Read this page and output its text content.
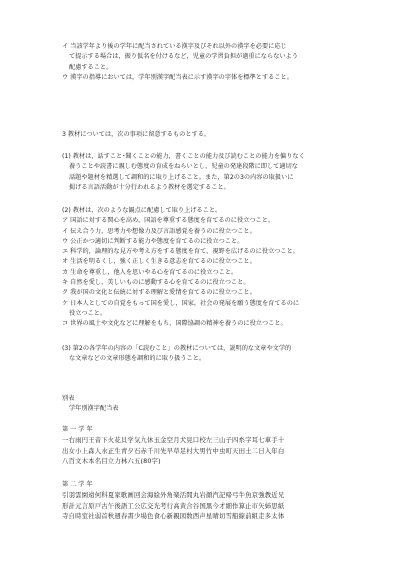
イ 当該学年より後の学年に配当されている漢字及びそれ以外の漢字を必要に応じ
て提示する場合は，振り仮名を付けるなど，児童の学習負担が過重にならないよう
配慮すること。
ウ 漢字の指導においては，学年別漢字配当表に示す漢字の字体を標準とすること。
3 教材については，次の事項に留意するものとする。
(1) 教材は，話すこと･聞くことの能力，書くことの能力及び読むことの能力を偏りなく
養うことや読書に親しむ態度の育成をねらいとし，児童の発達段階に即して適切な
話題や題材を精選して調和的に取り上げること。また，第2の3の内容の取扱いに
掲げる言語活動が十分行われるよう教材を選定すること。
(2) 教材は，次のような観点に配慮して取り上げること。
ア 国語に対する関心を高め，国語を尊重する態度を育てるのに役立つこと。
イ 伝え合う力，思考力や想像力及び言語感覚を養うのに役立つこと。
ウ 公正かつ適切に判断する能力や態度を育てるのに役立つこと。
エ 科学的，論理的な見方や考え方をする態度を育て，視野を広げるのに役立つこと。
オ 生活を明るくし，強く正しく生きる意志を育てるのに役立つこと。
カ 生命を尊重し，他人を思いやる心を育てるのに役立つこと。
キ 自然を愛し，美しいものに感動する心を育てるのに役立つこと。
ク 我が国の文化と伝統に対する理解と愛情を育てるのに役立つこと。
ケ 日本人としての自覚をもって国を愛し，国家，社会の発展を願う態度を育てるのに
役立つこと。
コ 世界の風土や文化などに理解をもち，国際協調の精神を養うのに役立つこと。
(3) 第2の各学年の内容の「C読むこと」の教材については，説明的な文章や文学的
な文章などの文章形態を調和的に取り扱うこと。
別表
学年別漢字配当表
第 一 学 年
一右雨円王音下火花貝学気九休玉金空月犬見口校左三山子四糸字耳七車手十
出女小上森人水正生青夕石赤千川先早草足村大男竹中虫町天田土二日入年白
八百文木本名目立力林六五(80字)
第 二 学 年
引羽雲園遠何科夏家歌画回会海絵外角楽活間丸岩顔汽記帰弓牛魚京強教近兄
形計元言原戸古午後語工公広交光考行高黄合谷国黒今才細作算止市矢姉思紙
寺自時室社弱首秋週春書少場色食心新親図数西声星晴切雪船線前組走多太体
